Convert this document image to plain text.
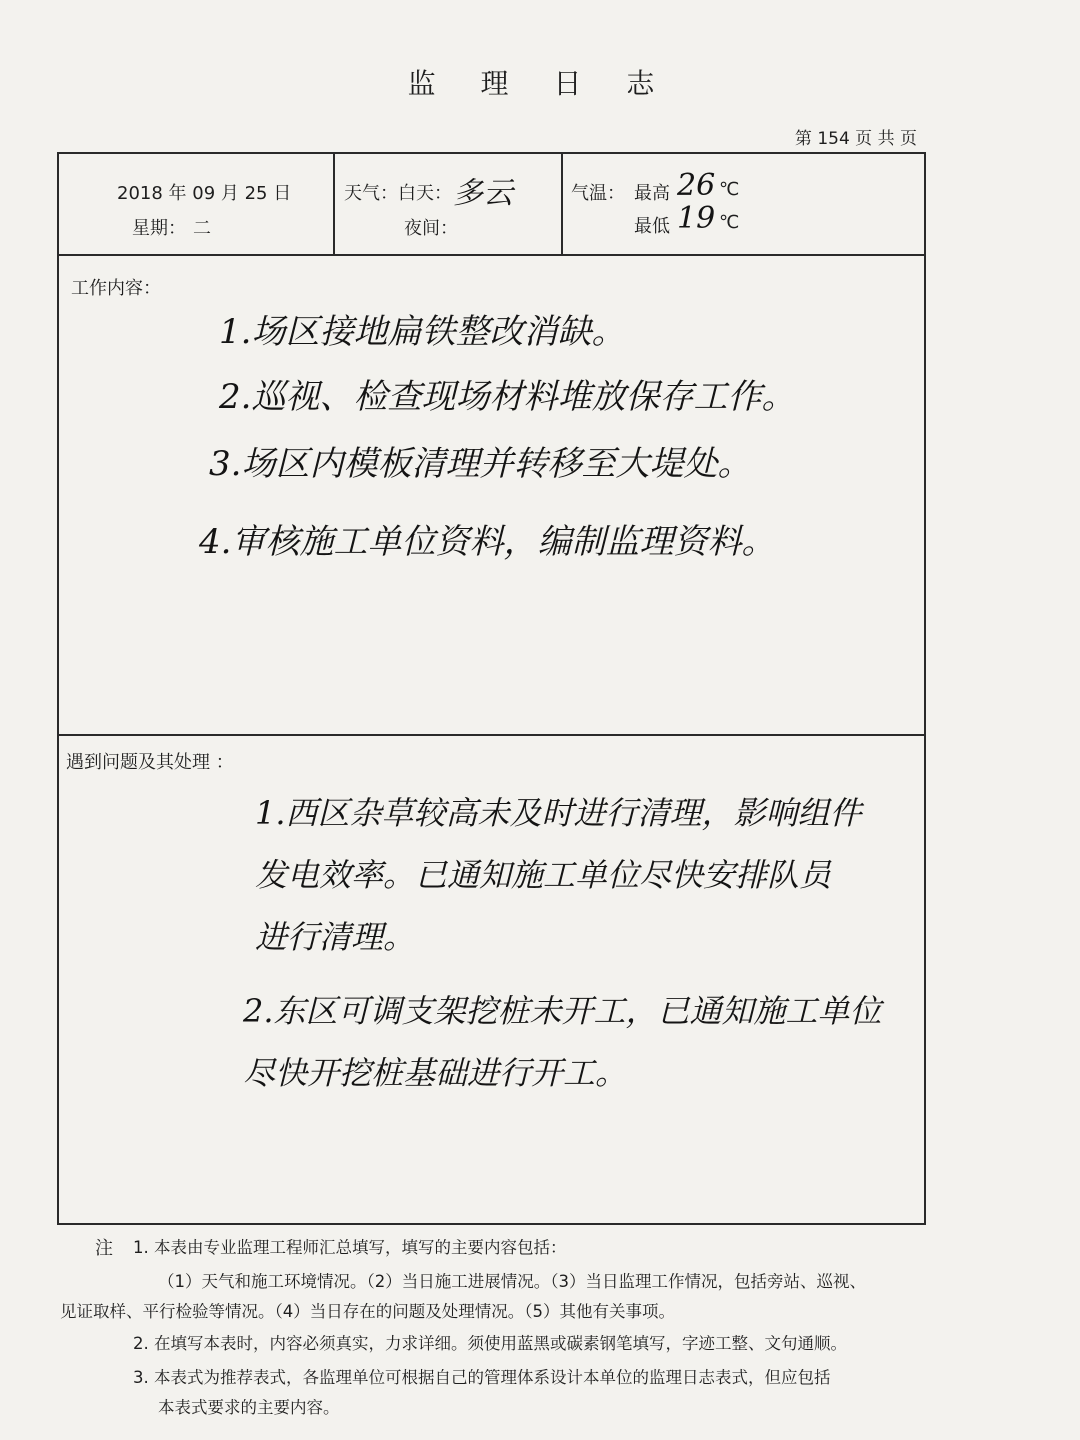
监 理 日 志
第 154 页 共 页
2018 年 09 月 25 日
星期： 二
天气：白天： 多云
夜间：
气温： 最高 26 ℃
最低 19 ℃
工作内容：
1.场区接地扁铁整改消缺。
2.巡视、检查现场材料堆放保存工作。
3.场区内模板清理并转移至大堤处。
4.审核施工单位资料，编制监理资料。
遇到问题及其处理 ：
1.西区杂草较高未及时进行清理，影响组件
发电效率。已通知施工单位尽快安排队员
进行清理。
2.东区可调支架挖桩未开工，已通知施工单位
尽快开挖桩基础进行开工。
注 1. 本表由专业监理工程师汇总填写，填写的主要内容包括：
（1）天气和施工环境情况。（2）当日施工进展情况。（3）当日监理工作情况，包括旁站、巡视、
见证取样、平行检验等情况。（4）当日存在的问题及处理情况。（5）其他有关事项。
2. 在填写本表时，内容必须真实，力求详细。须使用蓝黑或碳素钢笔填写，字迹工整、文句通顺。
3. 本表式为推荐表式，各监理单位可根据自己的管理体系设计本单位的监理日志表式，但应包括
本表式要求的主要内容。
